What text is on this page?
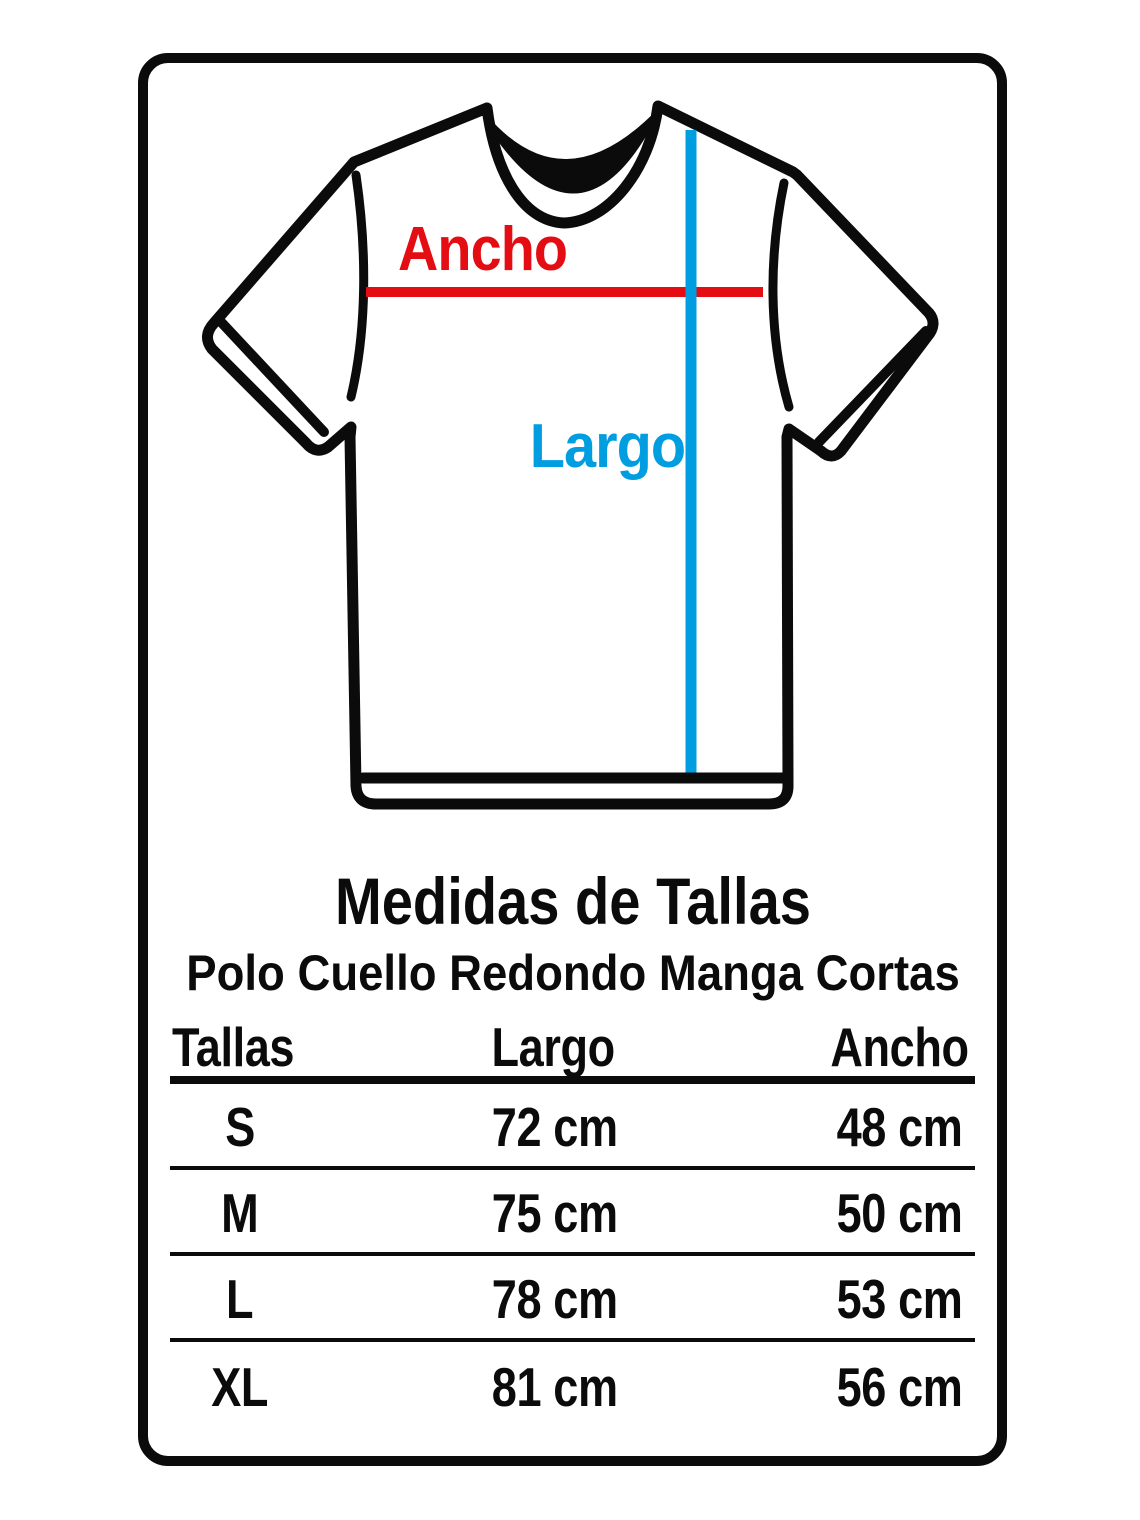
Ancho
Largo
Medidas de Tallas
Polo Cuello Redondo Manga Cortas
Tallas	Largo	Ancho
S	72 cm	48 cm
M	75 cm	50 cm
L	78 cm	53 cm
XL	81 cm	56 cm
